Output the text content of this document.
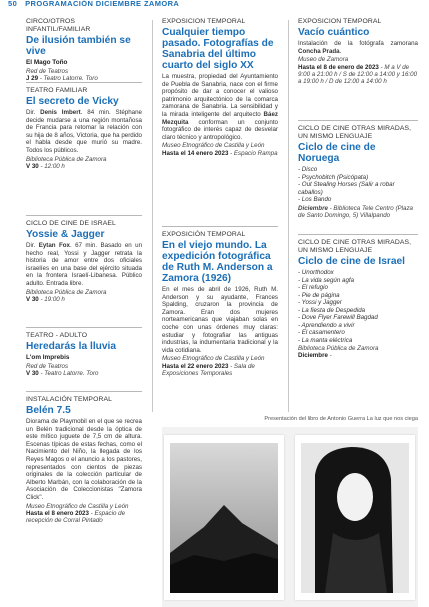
50 PROGRAMACIÓN DICIEMBRE ZAMORA
CIRCO/OTROS
INFANTIL/FAMILIAR
De ilusión también se vive
El Mago Toño
Red de Teatros
J 29 - Teatro Latorre. Toro
TEATRO FAMILIAR
El secreto de Vicky
Dir. Denis Imbert. 84 min. Stéphane decide mudarse a una región montañosa de Francia para retomar la relación con su hija de 8 años, Victoria, que ha perdido el habla desde que murió su madre. Todos los públicos.
Biblioteca Pública de Zamora
V 30 - 12:00 h
CICLO DE CINE DE ISRAEL
Yossie & Jagger
Dir. Eytan Fox. 67 min. Basado en un hecho real, Yossi y Jagger retrata la historia de amor entre dos oficiales israelíes en una base del ejército situada en la frontera Israelí-Libanesa. Público adulto. Entrada libre.
Biblioteca Pública de Zamora
V 30 - 19:00 h
TEATRO - ADULTO
Heredarás la lluvia
L'om Imprebis
Red de Teatros
V 30 - Teatro Latorre. Toro
INSTALACIÓN TEMPORAL
Belén 7.5
Diorama de Playmobil en el que se recrea un Belén tradicional desde la óptica de este mítico juguete de 7,5 cm de altura. Escenas típicas de estas fechas, como el Nacimiento del Niño, la llegada de los Reyes Magos o el anuncio a los pastores, representados con cientos de piezas originales de la colección particular de Alberto Marbán, con la colaboración de la Asociación de Coleccionistas "Zamora Click".
Museo Etnográfico de Castilla y León
Hasta el 8 enero 2023 - Espacio de recepción de Corral Pintado
EXPOSICIÓN TEMPORAL
Cualquier tiempo pasado. Fotografías de Sanabria del último cuarto del siglo XX
La muestra, propiedad del Ayuntamiento de Puebla de Sanabria, nace con el firme propósito de dar a conocer el valioso patrimonio arquitectónico de la comarca zamorana de Sanabria. La sensibilidad y la mirada inteligente del arquitecto Báez Mezquita conforman un conjunto fotográfico de interés capaz de desvelar claro técnico y antropológico.
Museo Etnográfico de Castilla y León
Hasta el 14 enero 2023 - Espacio Rampa
EXPOSICIÓN TEMPORAL
En el viejo mundo. La expedición fotográfica de Ruth M. Anderson a Zamora (1926)
En el mes de abril de 1926, Ruth M. Anderson y su ayudante, Frances Spalding, cruzaron la provincia de Zamora. Eran dos mujeres norteamericanas que viajaban solas en coche con unas órdenes muy claras: estudiar y fotografiar las antiguas industrias, la indumentaria tradicional y la vida cotidiana.
Museo Etnográfico de Castilla y León
Hasta el 22 enero 2023 - Sala de Exposiciones Temporales
EXPOSICIÓN TEMPORAL
Vacío cuántico
Instalación de la fotógrafa zamorana Concha Prada.
Museo de Zamora
Hasta el 8 de enero de 2023 - M a V de 9:00 a 21:00 h / S de 12:00 a 14:00 y 16:00 a 19:00 h / D de 12:00 a 14:00 h
CICLO DE CINE OTRAS MIRADAS, UN MISMO LENGUAJE
Ciclo de cine de Noruega
- Disco
- Psychobitch (Psicópata)
- Out Stealing Horses (Salir a robar caballos)
- Los Bando
Diciembre - Biblioteca Tele Centro (Plaza de Santo Domingo, 5) Villalpando
CICLO DE CINE OTRAS MIRADAS, UN MISMO LENGUAJE
Ciclo de cine de Israel
- Unorthodox
- La vida según agfa
- El refugio
- Pie de página
- Yossi y Jagger
- La fiesta de Despedida
- Dove Flyer Farewill Bagdad
- Aprendiendo a vivir
- El casamentero
- La manta eléctrica
Biblioteca Pública de Zamora
Diciembre -
Presentación del libro de Antonio Guerra La luz que nos ciega
